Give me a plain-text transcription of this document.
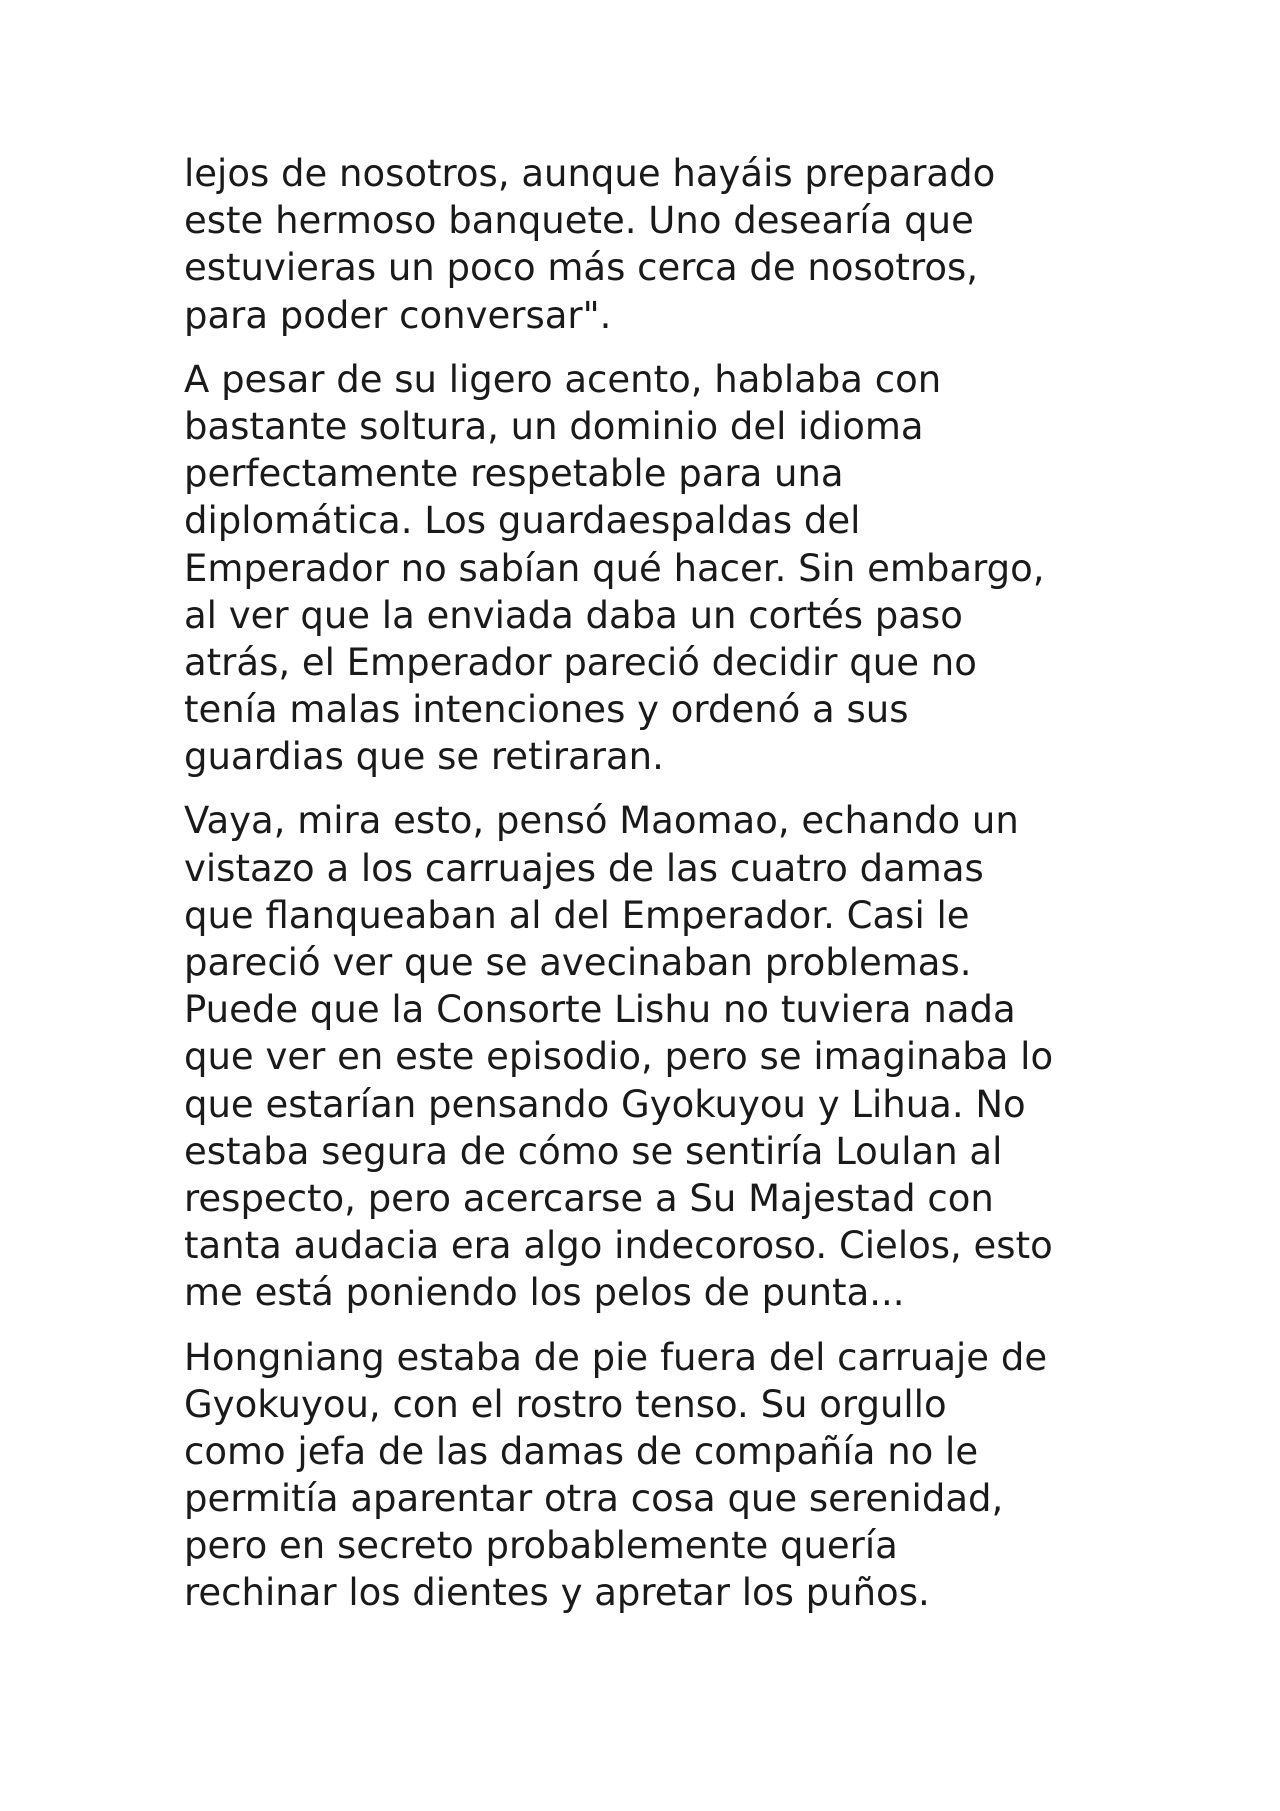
lejos de nosotros, aunque hayáis preparado
este hermoso banquete. Uno desearía que
estuvieras un poco más cerca de nosotros,
para poder conversar".
A pesar de su ligero acento, hablaba con
bastante soltura, un dominio del idioma
perfectamente respetable para una
diplomática. Los guardaespaldas del
Emperador no sabían qué hacer. Sin embargo,
al ver que la enviada daba un cortés paso
atrás, el Emperador pareció decidir que no
tenía malas intenciones y ordenó a sus
guardias que se retiraran.
Vaya, mira esto, pensó Maomao, echando un
vistazo a los carruajes de las cuatro damas
que flanqueaban al del Emperador. Casi le
pareció ver que se avecinaban problemas.
Puede que la Consorte Lishu no tuviera nada
que ver en este episodio, pero se imaginaba lo
que estarían pensando Gyokuyou y Lihua. No
estaba segura de cómo se sentiría Loulan al
respecto, pero acercarse a Su Majestad con
tanta audacia era algo indecoroso. Cielos, esto
me está poniendo los pelos de punta...
Hongniang estaba de pie fuera del carruaje de
Gyokuyou, con el rostro tenso. Su orgullo
como jefa de las damas de compañía no le
permitía aparentar otra cosa que serenidad,
pero en secreto probablemente quería
rechinar los dientes y apretar los puños.
